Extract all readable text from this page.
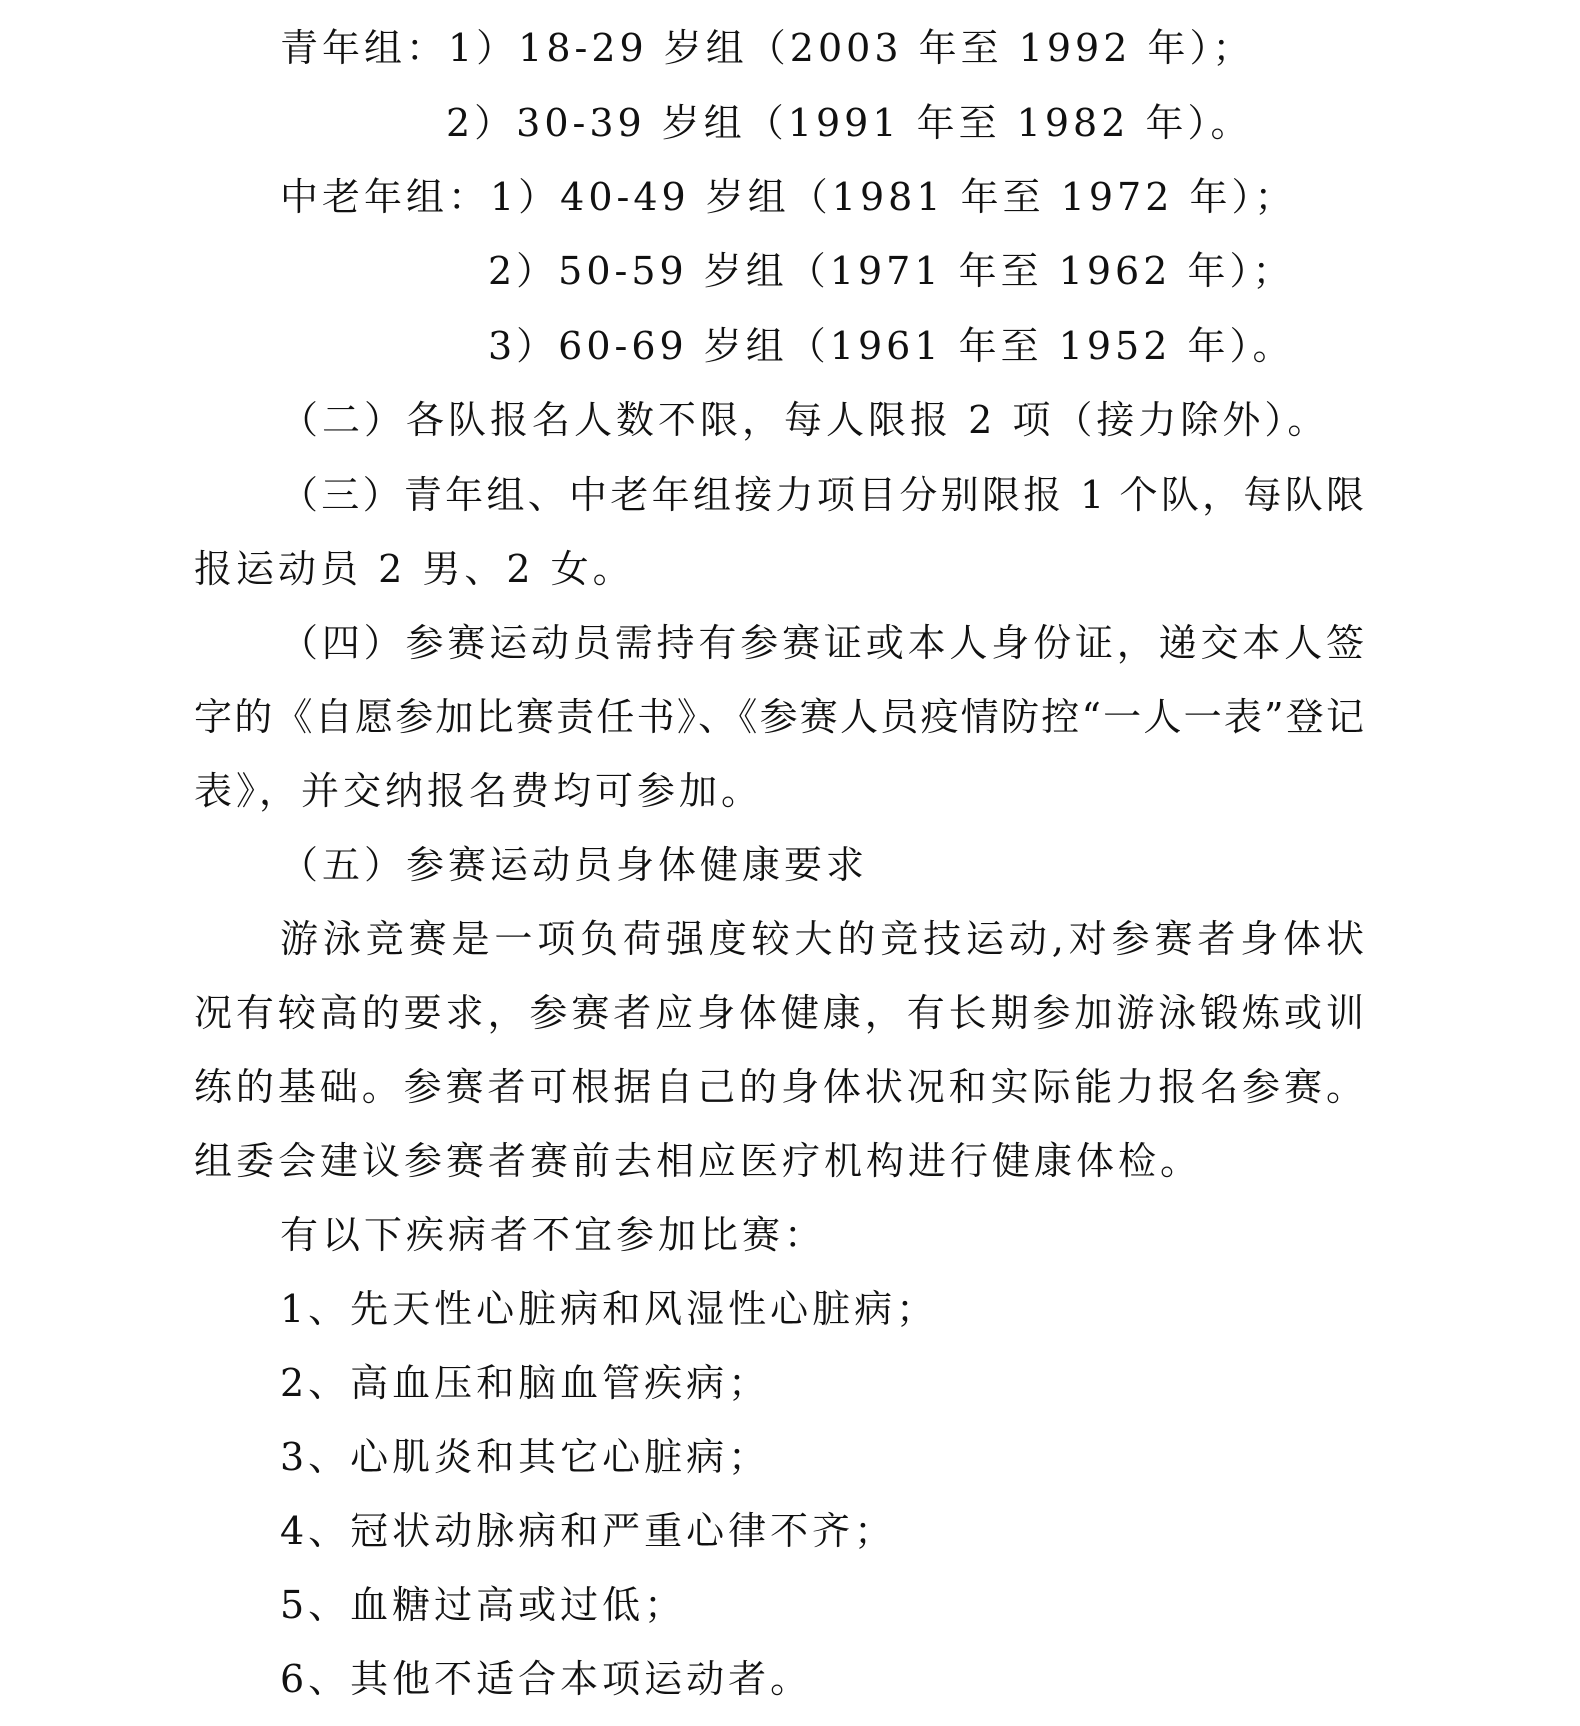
青年组：1）18-29 岁组（2003 年至 1992 年）；
2）30-39 岁组（1991 年至 1982 年）。
中老年组：1）40-49 岁组（1981 年至 1972 年）；
2）50-59 岁组（1971 年至 1962 年）；
3）60-69 岁组（1961 年至 1952 年）。
（二）各队报名人数不限，每人限报 2 项（接力除外）。
（三）青年组、中老年组接力项目分别限报 1 个队，每队限
报运动员 2 男、2 女。
（四）参赛运动员需持有参赛证或本人身份证，递交本人签
字的《自愿参加比赛责任书》、《参赛人员疫情防控“一人一表”登记
表》，并交纳报名费均可参加。
（五）参赛运动员身体健康要求
游泳竞赛是一项负荷强度较大的竞技运动,对参赛者身体状
况有较高的要求，参赛者应身体健康，有长期参加游泳锻炼或训
练的基础。参赛者可根据自己的身体状况和实际能力报名参赛。
组委会建议参赛者赛前去相应医疗机构进行健康体检。
有以下疾病者不宜参加比赛：
1、先天性心脏病和风湿性心脏病；
2、高血压和脑血管疾病；
3、心肌炎和其它心脏病；
4、冠状动脉病和严重心律不齐；
5、血糖过高或过低；
6、其他不适合本项运动者。
